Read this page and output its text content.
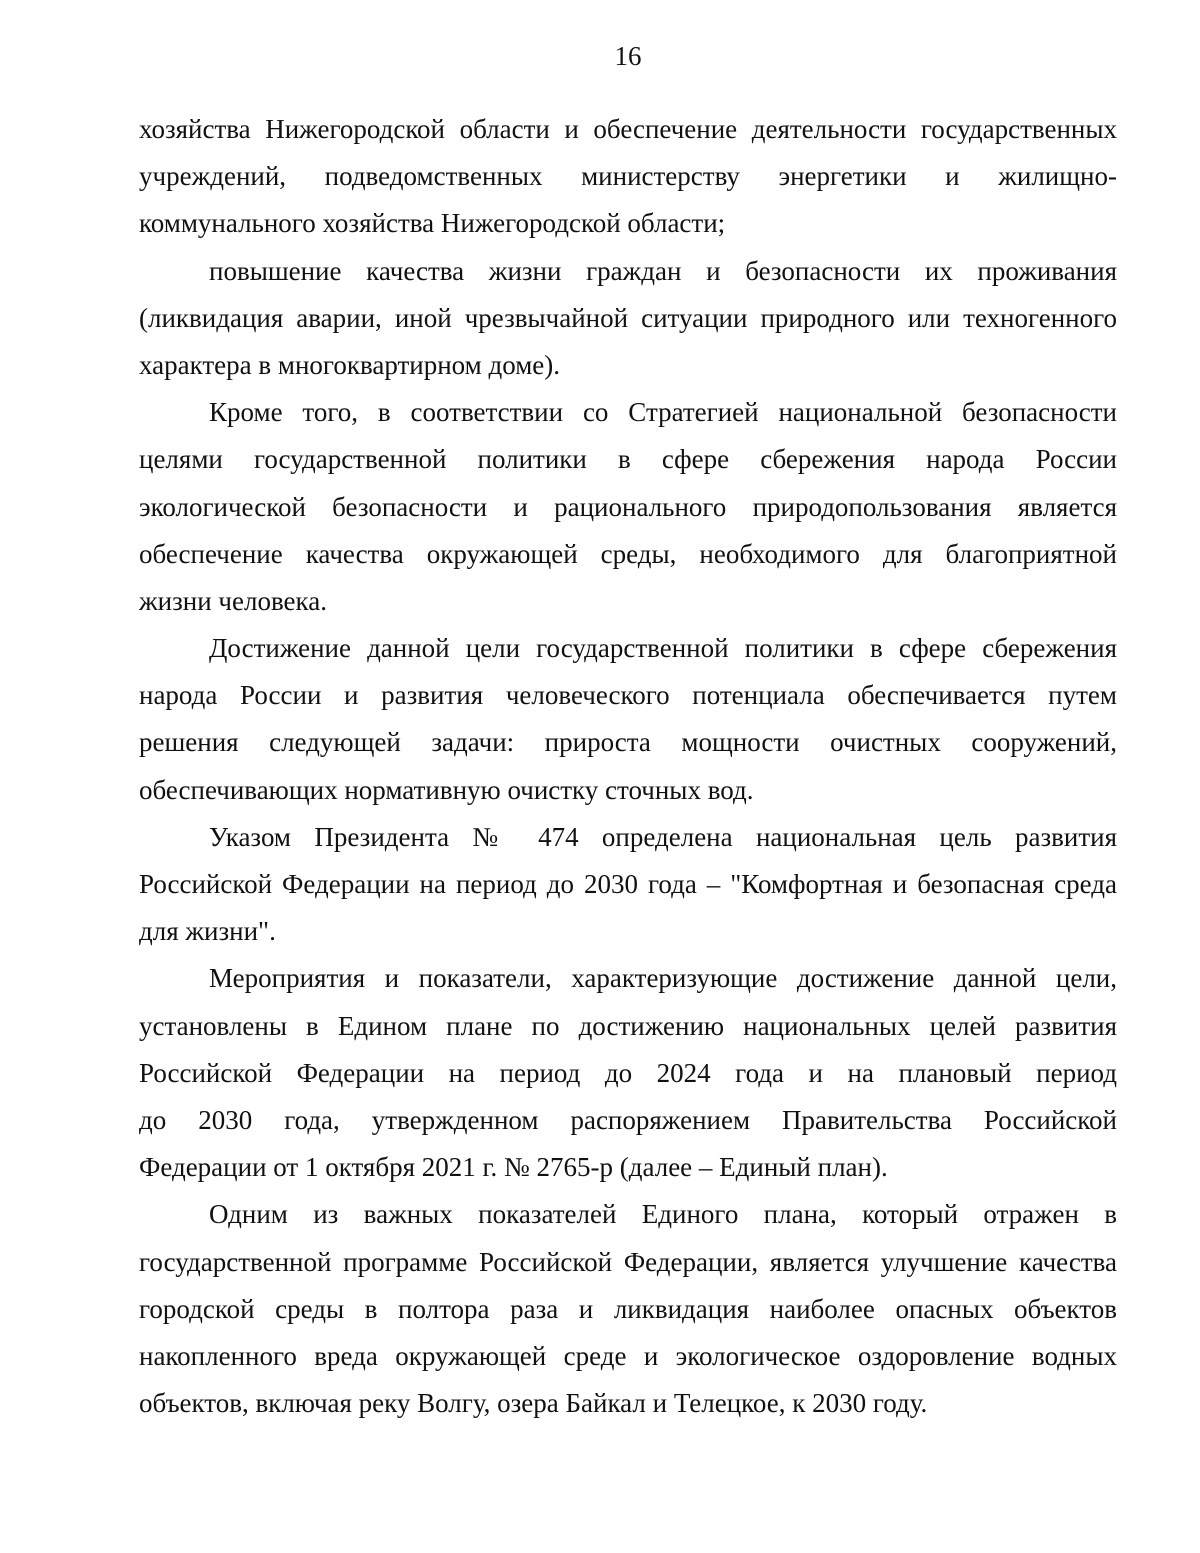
16
хозяйства Нижегородской области и обеспечение деятельности государственных
учреждений, подведомственных министерству энергетики и жилищно-
коммунального хозяйства Нижегородской области;
повышение качества жизни граждан и безопасности их проживания
(ликвидация аварии, иной чрезвычайной ситуации природного или техногенного
характера в многоквартирном доме).
Кроме того, в соответствии со Стратегией национальной безопасности
целями государственной политики в сфере сбережения народа России
экологической безопасности и рационального природопользования является
обеспечение качества окружающей среды, необходимого для благоприятной
жизни человека.
Достижение данной цели государственной политики в сфере сбережения
народа России и развития человеческого потенциала обеспечивается путем
решения следующей задачи: прироста мощности очистных сооружений,
обеспечивающих нормативную очистку сточных вод.
Указом Президента № 474 определена национальная цель развития
Российской Федерации на период до 2030 года – "Комфортная и безопасная среда
для жизни".
Мероприятия и показатели, характеризующие достижение данной цели,
установлены в Едином плане по достижению национальных целей развития
Российской Федерации на период до 2024 года и на плановый период
до 2030 года, утвержденном распоряжением Правительства Российской
Федерации от 1 октября 2021 г. № 2765-р (далее – Единый план).
Одним из важных показателей Единого плана, который отражен в
государственной программе Российской Федерации, является улучшение качества
городской среды в полтора раза и ликвидация наиболее опасных объектов
накопленного вреда окружающей среде и экологическое оздоровление водных
объектов, включая реку Волгу, озера Байкал и Телецкое, к 2030 году.
